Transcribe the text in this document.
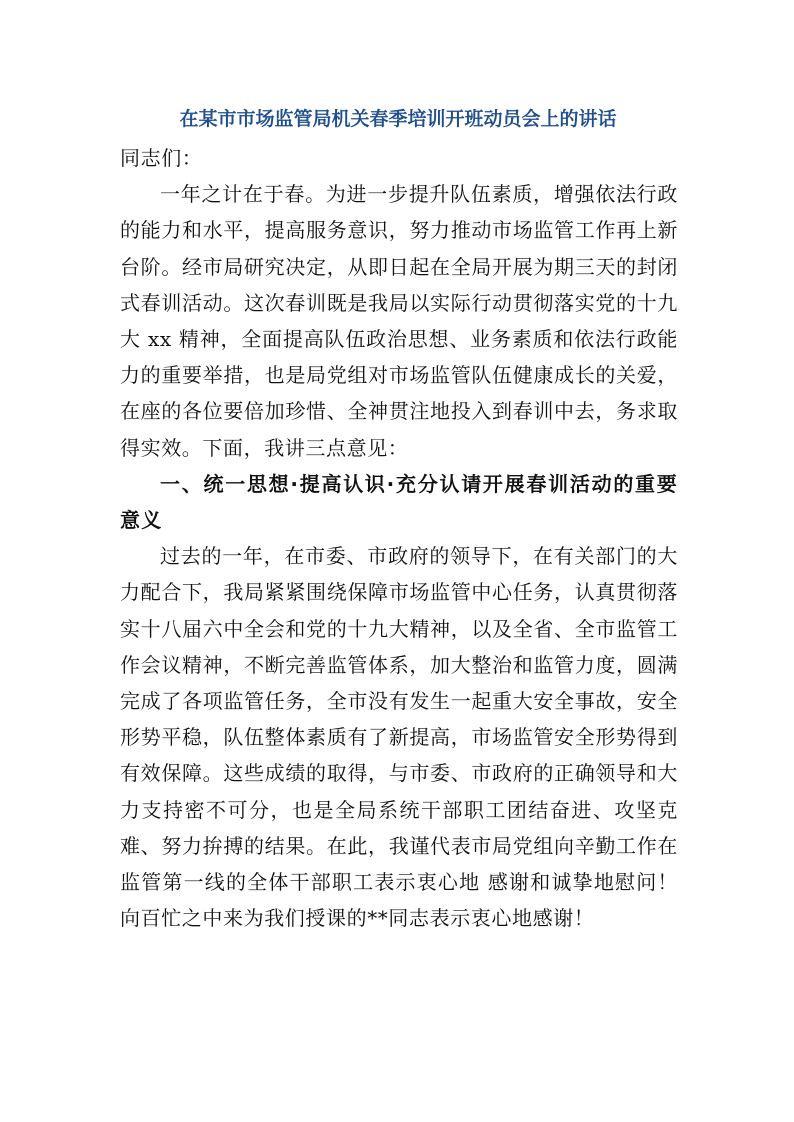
在某市市场监管局机关春季培训开班动员会上的讲话

同志们：

一年之计在于春。为进一步提升队伍素质，增强依法行政的能力和水平，提高服务意识，努力推动市场监管工作再上新台阶。经市局研究决定，从即日起在全局开展为期三天的封闭式春训活动。这次春训既是我局以实际行动贯彻落实党的十九大 xx 精神，全面提高队伍政治思想、业务素质和依法行政能力的重要举措，也是局党组对市场监管队伍健康成长的关爱，在座的各位要倍加珍惜、全神贯注地投入到春训中去，务求取得实效。下面，我讲三点意见：

一、统一思想·提高认识·充分认请开展春训活动的重要意义

过去的一年，在市委、市政府的领导下，在有关部门的大力配合下，我局紧紧围绕保障市场监管中心任务，认真贯彻落实十八届六中全会和党的十九大精神，以及全省、全市监管工作会议精神，不断完善监管体系，加大整治和监管力度，圆满完成了各项监管任务，全市没有发生一起重大安全事故，安全形势平稳，队伍整体素质有了新提高，市场监管安全形势得到有效保障。这些成绩的取得，与市委、市政府的正确领导和大力支持密不可分，也是全局系统干部职工团结奋进、攻坚克难、努力拚搏的结果。在此，我谨代表市局党组向辛勤工作在监管第一线的全体干部职工表示衷心地 感谢和诚挚地慰问！向百忙之中来为我们授课的**同志表示衷心地感谢！
